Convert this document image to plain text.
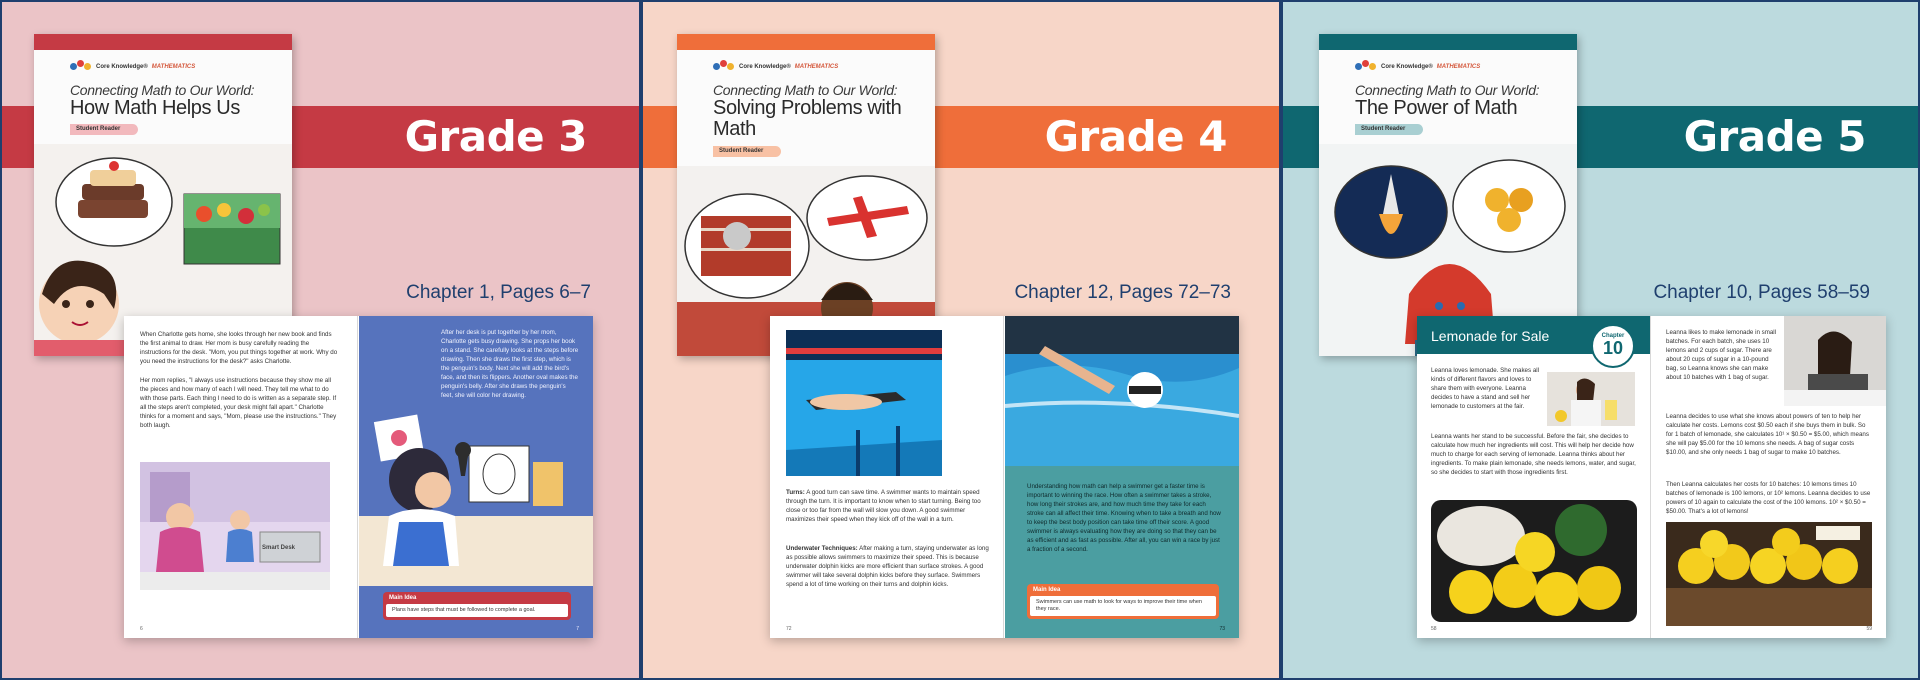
Grade 3
Core Knowledge® MATHEMATICS
Connecting Math to Our World:
How Math Helps Us
Student Reader
Chapter 1, Pages 6–7
When Charlotte gets home, she looks through her new book and finds the first animal to draw. Her mom is busy carefully reading the instructions for the desk. "Mom, you put things together at work. Why do you need the instructions for the desk?" asks Charlotte.
Her mom replies, "I always use instructions because they show me all the pieces and how many of each I will need. They tell me what to do with those parts. Each thing I need to do is written as a separate step. If all the steps aren't completed, your desk might fall apart." Charlotte thinks for a moment and says, "Mom, please use the instructions." They both laugh.
Smart Desk
6
After her desk is put together by her mom, Charlotte gets busy drawing. She props her book on a stand. She carefully looks at the steps before drawing. Then she draws the first step, which is the penguin's body. Next she will add the bird's face, and then its flippers. Another oval makes the penguin's belly. After she draws the penguin's feet, she will color her drawing.
Main Idea
Plans have steps that must be followed to complete a goal.
7
Grade 4
Core Knowledge® MATHEMATICS
Connecting Math to Our World:
Solving Problems with Math
Student Reader
Chapter 12, Pages 72–73
Turns: A good turn can save time. A swimmer wants to maintain speed through the turn. It is important to know when to start turning. Being too close or too far from the wall will slow you down. A good swimmer maximizes their speed when they kick off of the wall in a turn.
Underwater Techniques: After making a turn, staying underwater as long as possible allows swimmers to maximize their speed. This is because underwater dolphin kicks are more efficient than surface strokes. A good swimmer will take several dolphin kicks before they surface. Swimmers spend a lot of time working on their turns and dolphin kicks.
72
Understanding how math can help a swimmer get a faster time is important to winning the race. How often a swimmer takes a stroke, how long their strokes are, and how much time they take for each stroke can all affect their time. Knowing when to take a breath and how to keep the best body position can take time off their score. A good swimmer is always evaluating how they are doing so that they can be as efficient and as fast as possible. After all, you can win a race by just a fraction of a second.
Main Idea
Swimmers can use math to look for ways to improve their time when they race.
73
Grade 5
Core Knowledge® MATHEMATICS
Connecting Math to Our World:
The Power of Math
Student Reader
Chapter 10, Pages 58–59
Lemonade for Sale	Chapter
10
Leanna loves lemonade. She makes all kinds of different flavors and loves to share them with everyone. Leanna decides to have a stand and sell her lemonade to customers at the fair.
Leanna wants her stand to be successful. Before the fair, she decides to calculate how much her ingredients will cost. This will help her decide how much to charge for each serving of lemonade. Leanna thinks about her ingredients. To make plain lemonade, she needs lemons, water, and sugar, so she decides to start with those ingredients first.
58
Leanna likes to make lemonade in small batches. For each batch, she uses 10 lemons and 2 cups of sugar. There are about 20 cups of sugar in a 10-pound bag, so Leanna knows she can make about 10 batches with 1 bag of sugar.
Leanna decides to use what she knows about powers of ten to help her calculate her costs. Lemons cost $0.50 each if she buys them in bulk. So for 1 batch of lemonade, she calculates 10¹ × $0.50 = $5.00, which means she will pay $5.00 for the 10 lemons she needs. A bag of sugar costs $10.00, and she only needs 1 bag of sugar to make 10 batches.
Then Leanna calculates her costs for 10 batches: 10 lemons times 10 batches of lemonade is 100 lemons, or 10² lemons. Leanna decides to use powers of 10 again to calculate the cost of the 100 lemons. 10² × $0.50 = $50.00. That's a lot of lemons!
59
